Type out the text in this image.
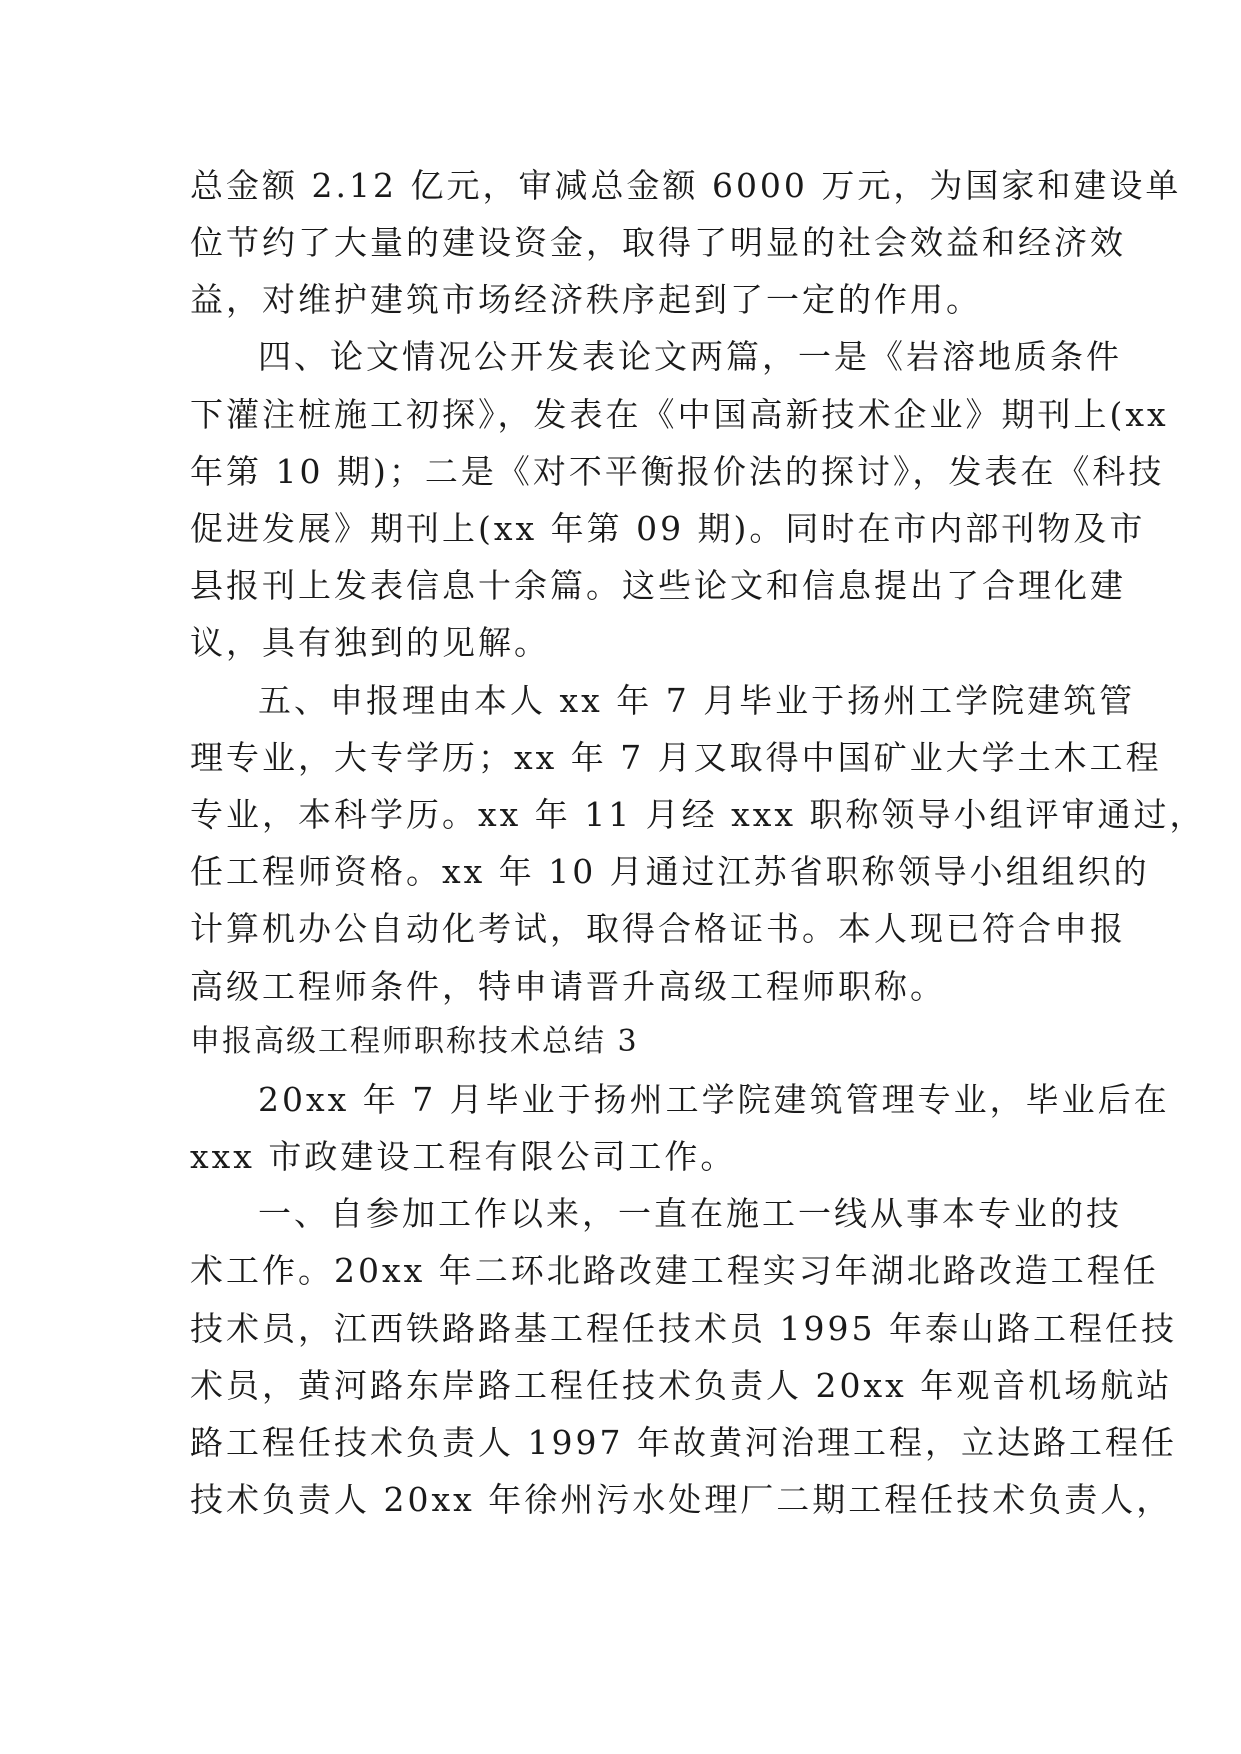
总金额 2.12 亿元，审减总金额 6000 万元，为国家和建设单
位节约了大量的建设资金，取得了明显的社会效益和经济效
益，对维护建筑市场经济秩序起到了一定的作用。
四、论文情况公开发表论文两篇，一是《岩溶地质条件
下灌注桩施工初探》，发表在《中国高新技术企业》期刊上(xx
年第 10 期)；二是《对不平衡报价法的探讨》，发表在《科技
促进发展》期刊上(xx 年第 09 期)。同时在市内部刊物及市
县报刊上发表信息十余篇。这些论文和信息提出了合理化建
议，具有独到的见解。
五、申报理由本人 xx 年 7 月毕业于扬州工学院建筑管
理专业，大专学历；xx 年 7 月又取得中国矿业大学土木工程
专业，本科学历。xx 年 11 月经 xxx 职称领导小组评审通过，
任工程师资格。xx 年 10 月通过江苏省职称领导小组组织的
计算机办公自动化考试，取得合格证书。本人现已符合申报
高级工程师条件，特申请晋升高级工程师职称。
申报高级工程师职称技术总结 3
20xx 年 7 月毕业于扬州工学院建筑管理专业，毕业后在
xxx 市政建设工程有限公司工作。
一、自参加工作以来，一直在施工一线从事本专业的技
术工作。20xx 年二环北路改建工程实习年湖北路改造工程任
技术员，江西铁路路基工程任技术员 1995 年泰山路工程任技
术员，黄河路东岸路工程任技术负责人 20xx 年观音机场航站
路工程任技术负责人 1997 年故黄河治理工程，立达路工程任
技术负责人 20xx 年徐州污水处理厂二期工程任技术负责人，
